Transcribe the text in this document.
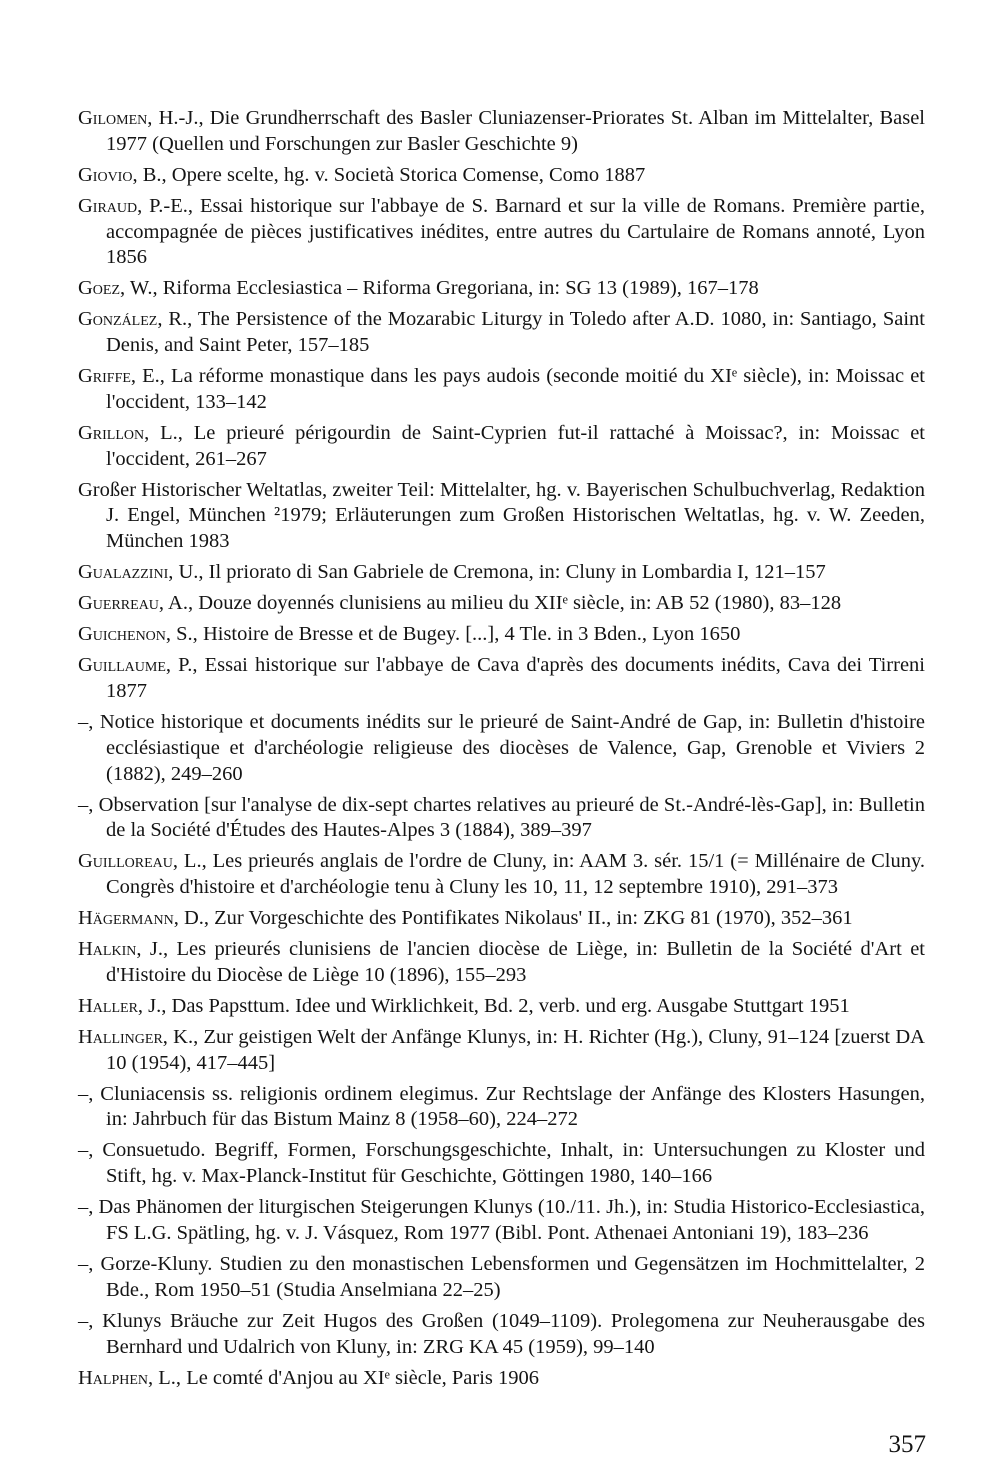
Gilomen, H.-J., Die Grundherrschaft des Basler Cluniazenser-Priorates St. Alban im Mittelalter, Basel 1977 (Quellen und Forschungen zur Basler Geschichte 9)

Giovio, B., Opere scelte, hg. v. Società Storica Comense, Como 1887

Giraud, P.-E., Essai historique sur l'abbaye de S. Barnard et sur la ville de Romans. Première partie, accompagnée de pièces justificatives inédites, entre autres du Cartulaire de Romans annoté, Lyon 1856

Goez, W., Riforma Ecclesiastica – Riforma Gregoriana, in: SG 13 (1989), 167–178

González, R., The Persistence of the Mozarabic Liturgy in Toledo after A.D. 1080, in: Santiago, Saint Denis, and Saint Peter, 157–185

Griffe, E., La réforme monastique dans les pays audois (seconde moitié du XIᵉ siècle), in: Moissac et l'occident, 133–142

Grillon, L., Le prieuré périgourdin de Saint-Cyprien fut-il rattaché à Moissac?, in: Moissac et l'occident, 261–267

Großer Historischer Weltatlas, zweiter Teil: Mittelalter, hg. v. Bayerischen Schulbuchverlag, Redaktion J. Engel, München ²1979; Erläuterungen zum Großen Historischen Weltatlas, hg. v. W. Zeeden, München 1983

Gualazzini, U., Il priorato di San Gabriele de Cremona, in: Cluny in Lombardia I, 121–157

Guerreau, A., Douze doyennés clunisiens au milieu du XIIᵉ siècle, in: AB 52 (1980), 83–128

Guichenon, S., Histoire de Bresse et de Bugey. [...], 4 Tle. in 3 Bden., Lyon 1650

Guillaume, P., Essai historique sur l'abbaye de Cava d'après des documents inédits, Cava dei Tirreni 1877

–, Notice historique et documents inédits sur le prieuré de Saint-André de Gap, in: Bulletin d'histoire ecclésiastique et d'archéologie religieuse des diocèses de Valence, Gap, Grenoble et Viviers 2 (1882), 249–260

–, Observation [sur l'analyse de dix-sept chartes relatives au prieuré de St.-André-lès-Gap], in: Bulletin de la Société d'Études des Hautes-Alpes 3 (1884), 389–397

Guilloreau, L., Les prieurés anglais de l'ordre de Cluny, in: AAM 3. sér. 15/1 (= Millénaire de Cluny. Congrès d'histoire et d'archéologie tenu à Cluny les 10, 11, 12 septembre 1910), 291–373

Hägermann, D., Zur Vorgeschichte des Pontifikates Nikolaus' II., in: ZKG 81 (1970), 352–361

Halkin, J., Les prieurés clunisiens de l'ancien diocèse de Liège, in: Bulletin de la Société d'Art et d'Histoire du Diocèse de Liège 10 (1896), 155–293

Haller, J., Das Papsttum. Idee und Wirklichkeit, Bd. 2, verb. und erg. Ausgabe Stuttgart 1951

Hallinger, K., Zur geistigen Welt der Anfänge Klunys, in: H. Richter (Hg.), Cluny, 91–124 [zuerst DA 10 (1954), 417–445]

–, Cluniacensis ss. religionis ordinem elegimus. Zur Rechtslage der Anfänge des Klosters Hasungen, in: Jahrbuch für das Bistum Mainz 8 (1958–60), 224–272

–, Consuetudo. Begriff, Formen, Forschungsgeschichte, Inhalt, in: Untersuchungen zu Kloster und Stift, hg. v. Max-Planck-Institut für Geschichte, Göttingen 1980, 140–166

–, Das Phänomen der liturgischen Steigerungen Klunys (10./11. Jh.), in: Studia Historico-Ecclesiastica, FS L.G. Spätling, hg. v. J. Vásquez, Rom 1977 (Bibl. Pont. Athenaei Antoniani 19), 183–236

–, Gorze-Kluny. Studien zu den monastischen Lebensformen und Gegensätzen im Hochmittelalter, 2 Bde., Rom 1950–51 (Studia Anselmiana 22–25)

–, Klunys Bräuche zur Zeit Hugos des Großen (1049–1109). Prolegomena zur Neuherausgabe des Bernhard und Udalrich von Kluny, in: ZRG KA 45 (1959), 99–140

Halphen, L., Le comté d'Anjou au XIᵉ siècle, Paris 1906

357
